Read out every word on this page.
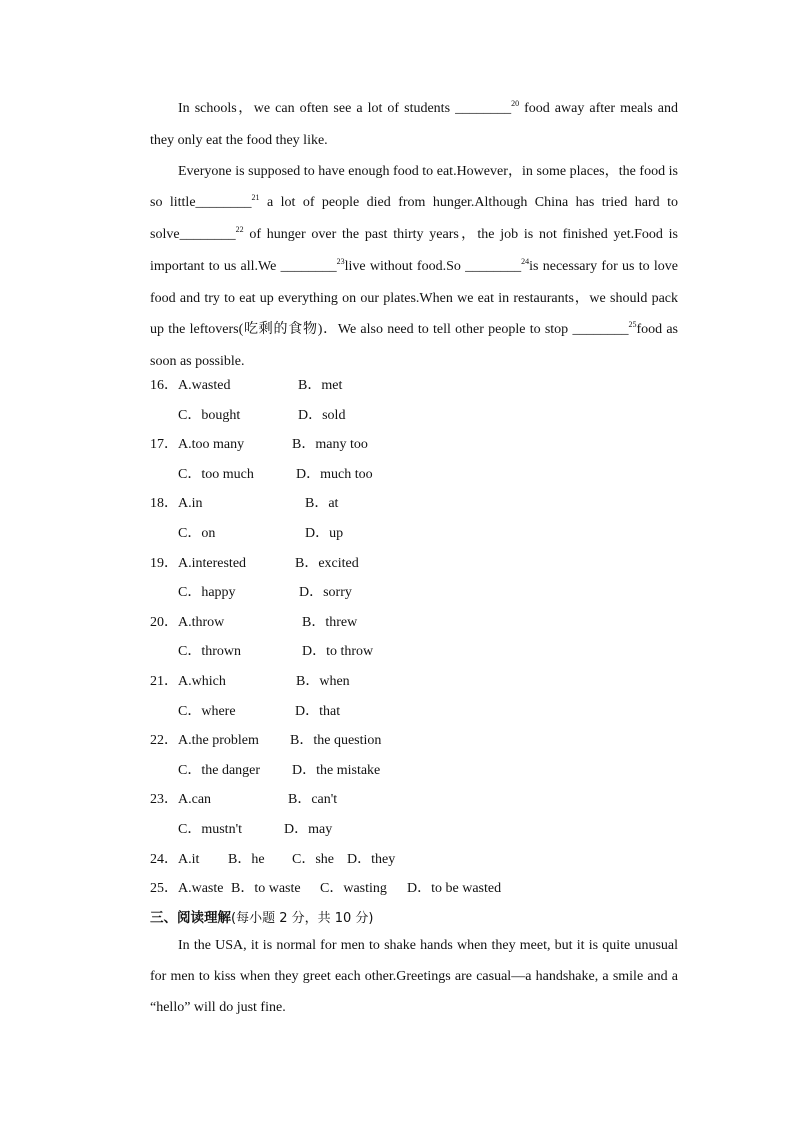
In schools，we can often see a lot of students ________$^{20}$ food away after meals and they only eat the food they like.

Everyone is supposed to have enough food to eat.However，in some places，the food is so little________$^{21}$ a lot of people died from hunger.Although China has tried hard to solve________$^{22}$ of hunger over the past thirty years，the job is not finished yet.Food is important to us all.We ________$^{23}$live without food.So ________$^{24}$is necessary for us to love food and try to eat up everything on our plates.When we eat in restaurants，we should pack up the leftovers(吃剩的食物)．We also need to tell other people to stop ________$^{25}$food as soon as possible.

16． A.wasted	B．met
C．bought	D．sold
17． A.too many	B．many too
C．too much	D．much too
18． A.in	B．at
C．on	D．up
19． A.interested	B．excited
C．happy	D．sorry
20． A.throw	B．threw
C．thrown	D．to throw
21． A.which	B．when
C．where	D．that
22． A.the problem B．the question
C．the danger D．the mistake
23． A.can	B．can't
C．mustn't	D．may
24． A.it B．he C．she D．they
25． A.waste B．to waste C．wasting D．to be wasted
三、阅读理解(每小题 2 分，共 10 分)

In the USA, it is normal for men to shake hands when they meet, but it is quite unusual for men to kiss when they greet each other.Greetings are casual—a handshake, a smile and a “hello” will do just fine.
